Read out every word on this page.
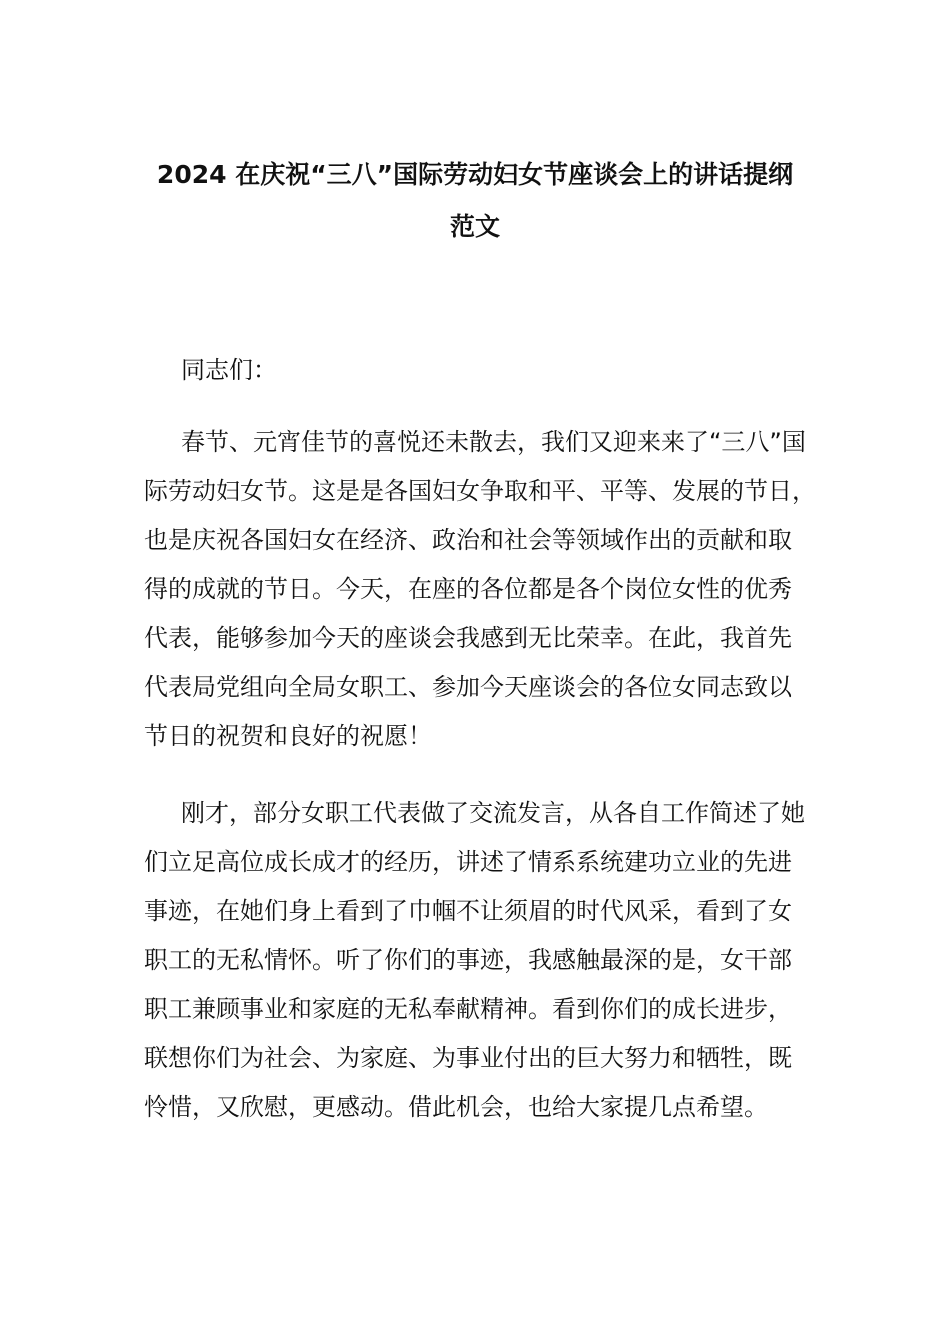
2024 在庆祝“三八”国际劳动妇女节座谈会上的讲话提纲
范文

同志们：

春节、元宵佳节的喜悦还未散去，我们又迎来来了“三八”国
际劳动妇女节。这是是各国妇女争取和平、平等、发展的节日，
也是庆祝各国妇女在经济、政治和社会等领域作出的贡献和取
得的成就的节日。今天，在座的各位都是各个岗位女性的优秀
代表，能够参加今天的座谈会我感到无比荣幸。在此，我首先
代表局党组向全局女职工、参加今天座谈会的各位女同志致以
节日的祝贺和良好的祝愿！

刚才，部分女职工代表做了交流发言，从各自工作简述了她
们立足高位成长成才的经历，讲述了情系系统建功立业的先进
事迹，在她们身上看到了巾帼不让须眉的时代风采，看到了女
职工的无私情怀。听了你们的事迹，我感触最深的是，女干部
职工兼顾事业和家庭的无私奉献精神。看到你们的成长进步，
联想你们为社会、为家庭、为事业付出的巨大努力和牺牲，既
怜惜，又欣慰，更感动。借此机会，也给大家提几点希望。
